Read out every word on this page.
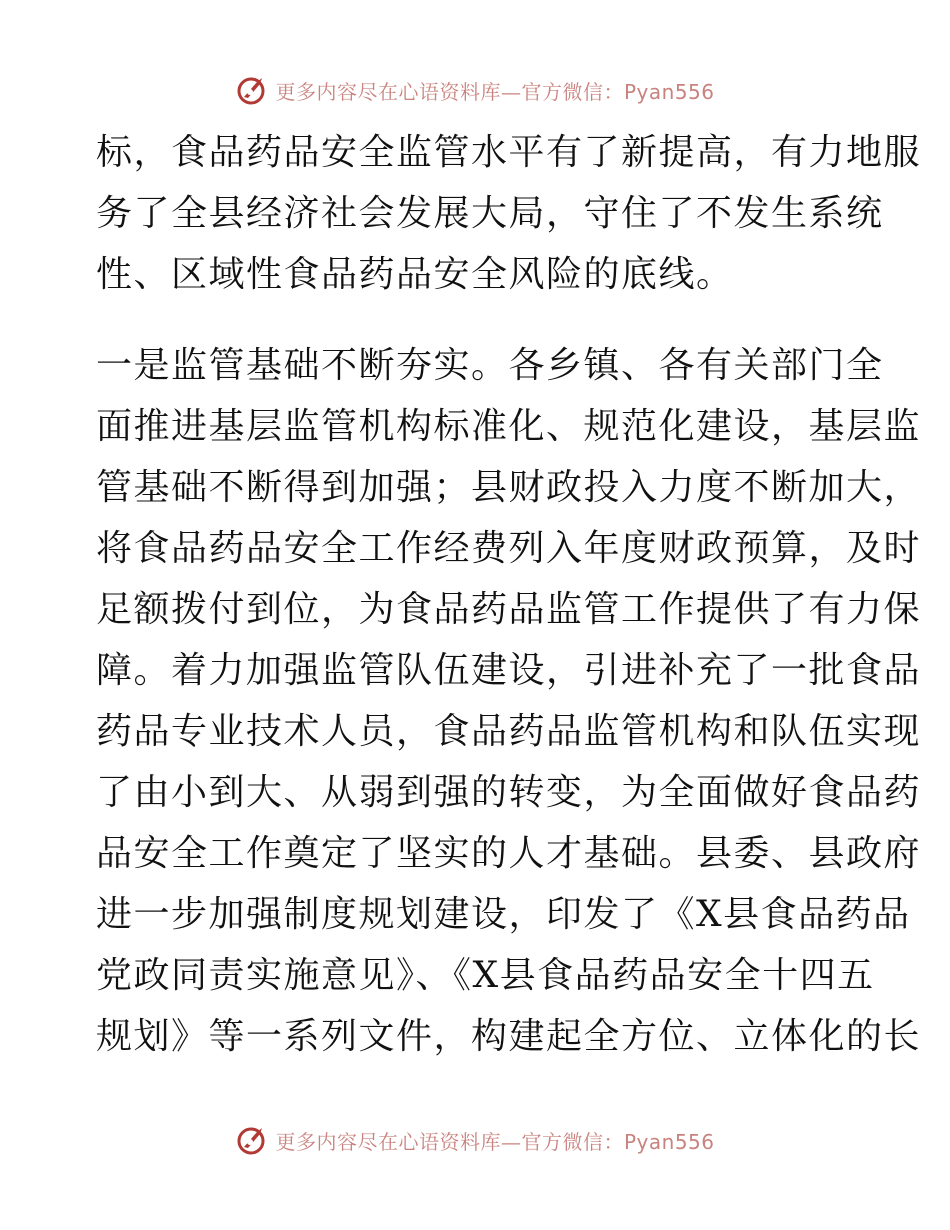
更多内容尽在心语资料库—官方微信：Pyan556
标，食品药品安全监管水平有了新提高，有力地服
务了全县经济社会发展大局，守住了不发生系统
性、区域性食品药品安全风险的底线。
一是监管基础不断夯实。各乡镇、各有关部门全
面推进基层监管机构标准化、规范化建设，基层监
管基础不断得到加强；县财政投入力度不断加大，
将食品药品安全工作经费列入年度财政预算，及时
足额拨付到位，为食品药品监管工作提供了有力保
障。着力加强监管队伍建设，引进补充了一批食品
药品专业技术人员，食品药品监管机构和队伍实现
了由小到大、从弱到强的转变，为全面做好食品药
品安全工作奠定了坚实的人才基础。县委、县政府
进一步加强制度规划建设，印发了《X县食品药品
党政同责实施意见》、《X县食品药品安全十四五
规划》等一系列文件，构建起全方位、立体化的长
更多内容尽在心语资料库—官方微信：Pyan556
